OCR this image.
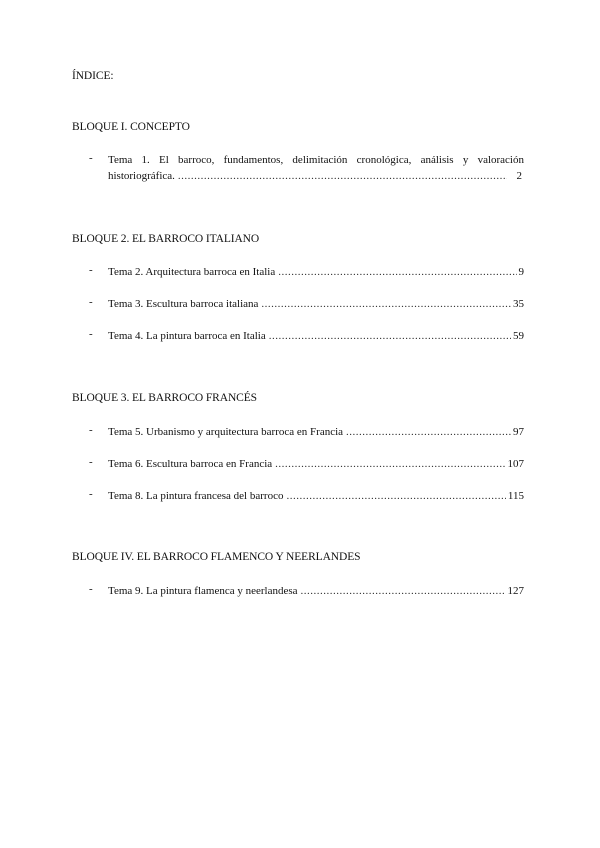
ÍNDICE:
BLOQUE I. CONCEPTO
- Tema 1. El barroco, fundamentos, delimitación cronológica, análisis y valoración
historiográfica. .....	2
BLOQUE 2. EL BARROCO ITALIANO
- Tema 2. Arquitectura barroca en Italia .....	9
- Tema 3. Escultura barroca italiana .....	35
- Tema 4. La pintura barroca en Italia .....	59
BLOQUE 3. EL BARROCO FRANCÉS
- Tema 5. Urbanismo y arquitectura barroca en Francia .....	97
- Tema 6. Escultura barroca en Francia .....	107
- Tema 8. La pintura francesa del barroco .....	115
BLOQUE IV. EL BARROCO FLAMENCO Y NEERLANDES
- Tema 9. La pintura flamenca y neerlandesa .....	127
